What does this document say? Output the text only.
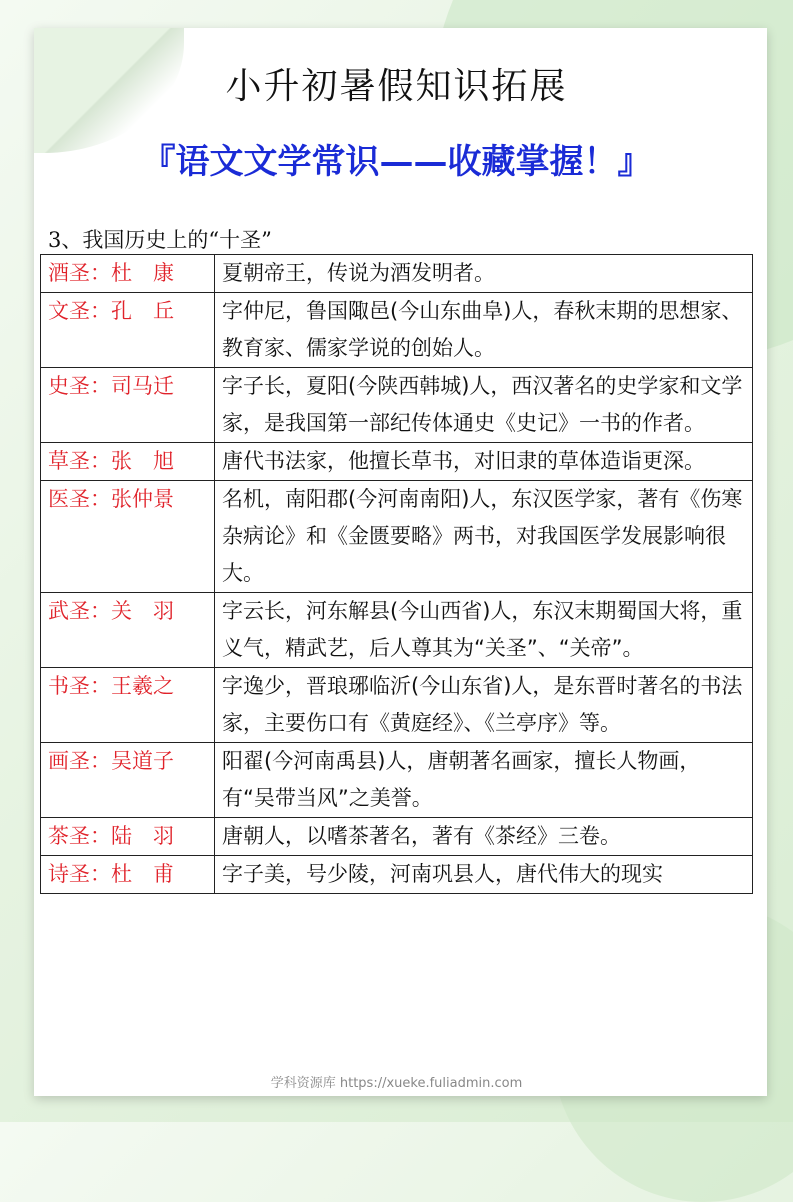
小升初暑假知识拓展
『语文文学常识——收藏掌握！』

3、我国历史上的“十圣”

酒圣：杜　康	夏朝帝王，传说为酒发明者。
文圣：孔　丘	字仲尼，鲁国陬邑(今山东曲阜)人，春秋末期的思想家、教育家、儒家学说的创始人。
史圣：司马迁	字子长，夏阳(今陕西韩城)人，西汉著名的史学家和文学家，是我国第一部纪传体通史《史记》一书的作者。
草圣：张　旭	唐代书法家，他擅长草书，对旧隶的草体造诣更深。
医圣：张仲景	名机，南阳郡(今河南南阳)人，东汉医学家，著有《伤寒杂病论》和《金匮要略》两书，对我国医学发展影响很大。
武圣：关　羽	字云长，河东解县(今山西省)人，东汉末期蜀国大将，重义气，精武艺，后人尊其为“关圣”、“关帝”。
书圣：王羲之	字逸少，晋琅琊临沂(今山东省)人，是东晋时著名的书法家，主要伤口有《黄庭经》、《兰亭序》等。
画圣：吴道子	阳翟(今河南禹县)人，唐朝著名画家，擅长人物画，有“吴带当风”之美誉。
茶圣：陆　羽	唐朝人，以嗜茶著名，著有《茶经》三卷。
诗圣：杜　甫	字子美，号少陵，河南巩县人，唐代伟大的现实
学科资源库 https://xueke.fuliadmin.com
